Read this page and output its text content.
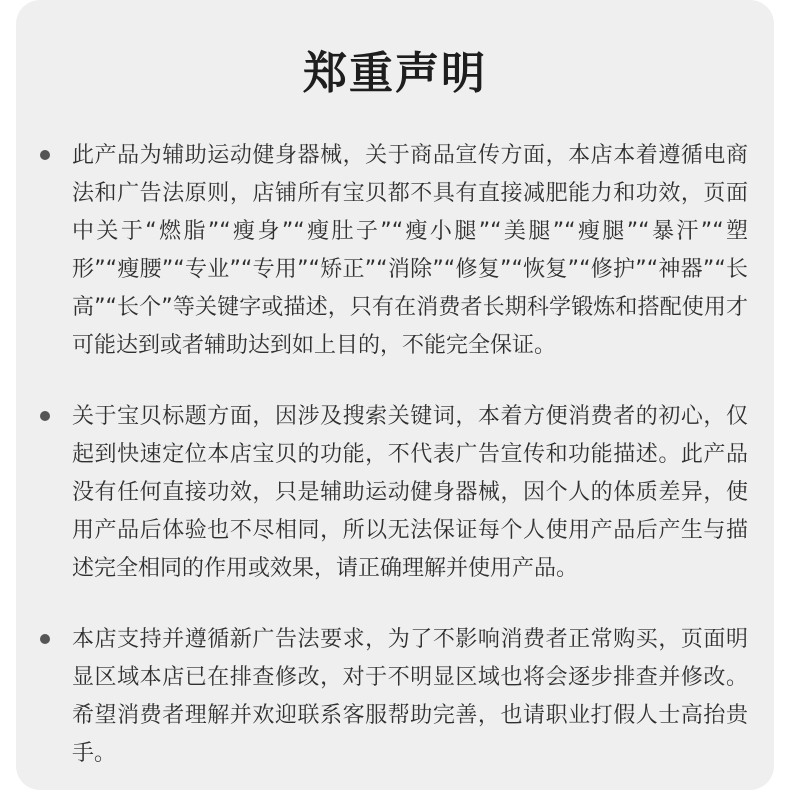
郑重声明
此产品为辅助运动健身器械，关于商品宣传方面，本店本着遵循电商法和广告法原则，店铺所有宝贝都不具有直接减肥能力和功效，页面中关于“燃脂”“瘦身”“瘦肚子”“瘦小腿”“美腿”“瘦腿”“暴汗”“塑形”“瘦腰”“专业”“专用”“矫正”“消除”“修复”“恢复”“修护”“神器”“长高”“长个”等关键字或描述，只有在消费者长期科学锻炼和搭配使用才可能达到或者辅助达到如上目的，不能完全保证。
关于宝贝标题方面，因涉及搜索关键词，本着方便消费者的初心，仅起到快速定位本店宝贝的功能，不代表广告宣传和功能描述。此产品没有任何直接功效，只是辅助运动健身器械，因个人的体质差异，使用产品后体验也不尽相同，所以无法保证每个人使用产品后产生与描述完全相同的作用或效果，请正确理解并使用产品。
本店支持并遵循新广告法要求，为了不影响消费者正常购买，页面明显区域本店已在排查修改，对于不明显区域也将会逐步排查并修改。希望消费者理解并欢迎联系客服帮助完善，也请职业打假人士高抬贵手。
